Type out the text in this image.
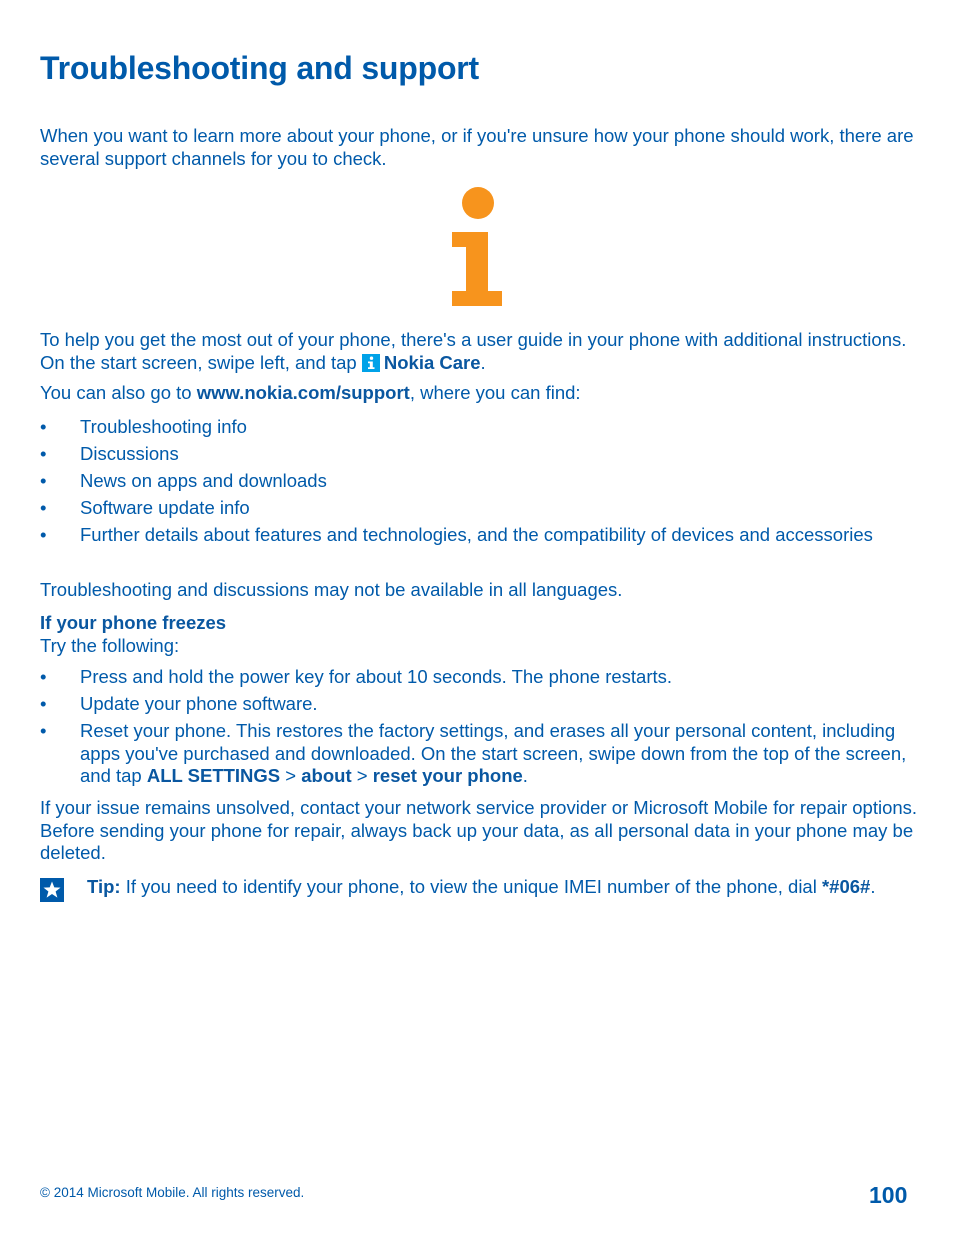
Troubleshooting and support

When you want to learn more about your phone, or if you're unsure how your phone should work, there are several support channels for you to check.

To help you get the most out of your phone, there's a user guide in your phone with additional instructions. On the start screen, swipe left, and tap Nokia Care.

You can also go to www.nokia.com/support, where you can find:

• Troubleshooting info
• Discussions
• News on apps and downloads
• Software update info
• Further details about features and technologies, and the compatibility of devices and accessories

Troubleshooting and discussions may not be available in all languages.

If your phone freezes

Try the following:

• Press and hold the power key for about 10 seconds. The phone restarts.
• Update your phone software.
• Reset your phone. This restores the factory settings, and erases all your personal content, including apps you've purchased and downloaded. On the start screen, swipe down from the top of the screen, and tap ALL SETTINGS > about > reset your phone.

If your issue remains unsolved, contact your network service provider or Microsoft Mobile for repair options. Before sending your phone for repair, always back up your data, as all personal data in your phone may be deleted.

Tip: If you need to identify your phone, to view the unique IMEI number of the phone, dial *#06#.

© 2014 Microsoft Mobile. All rights reserved.	100
